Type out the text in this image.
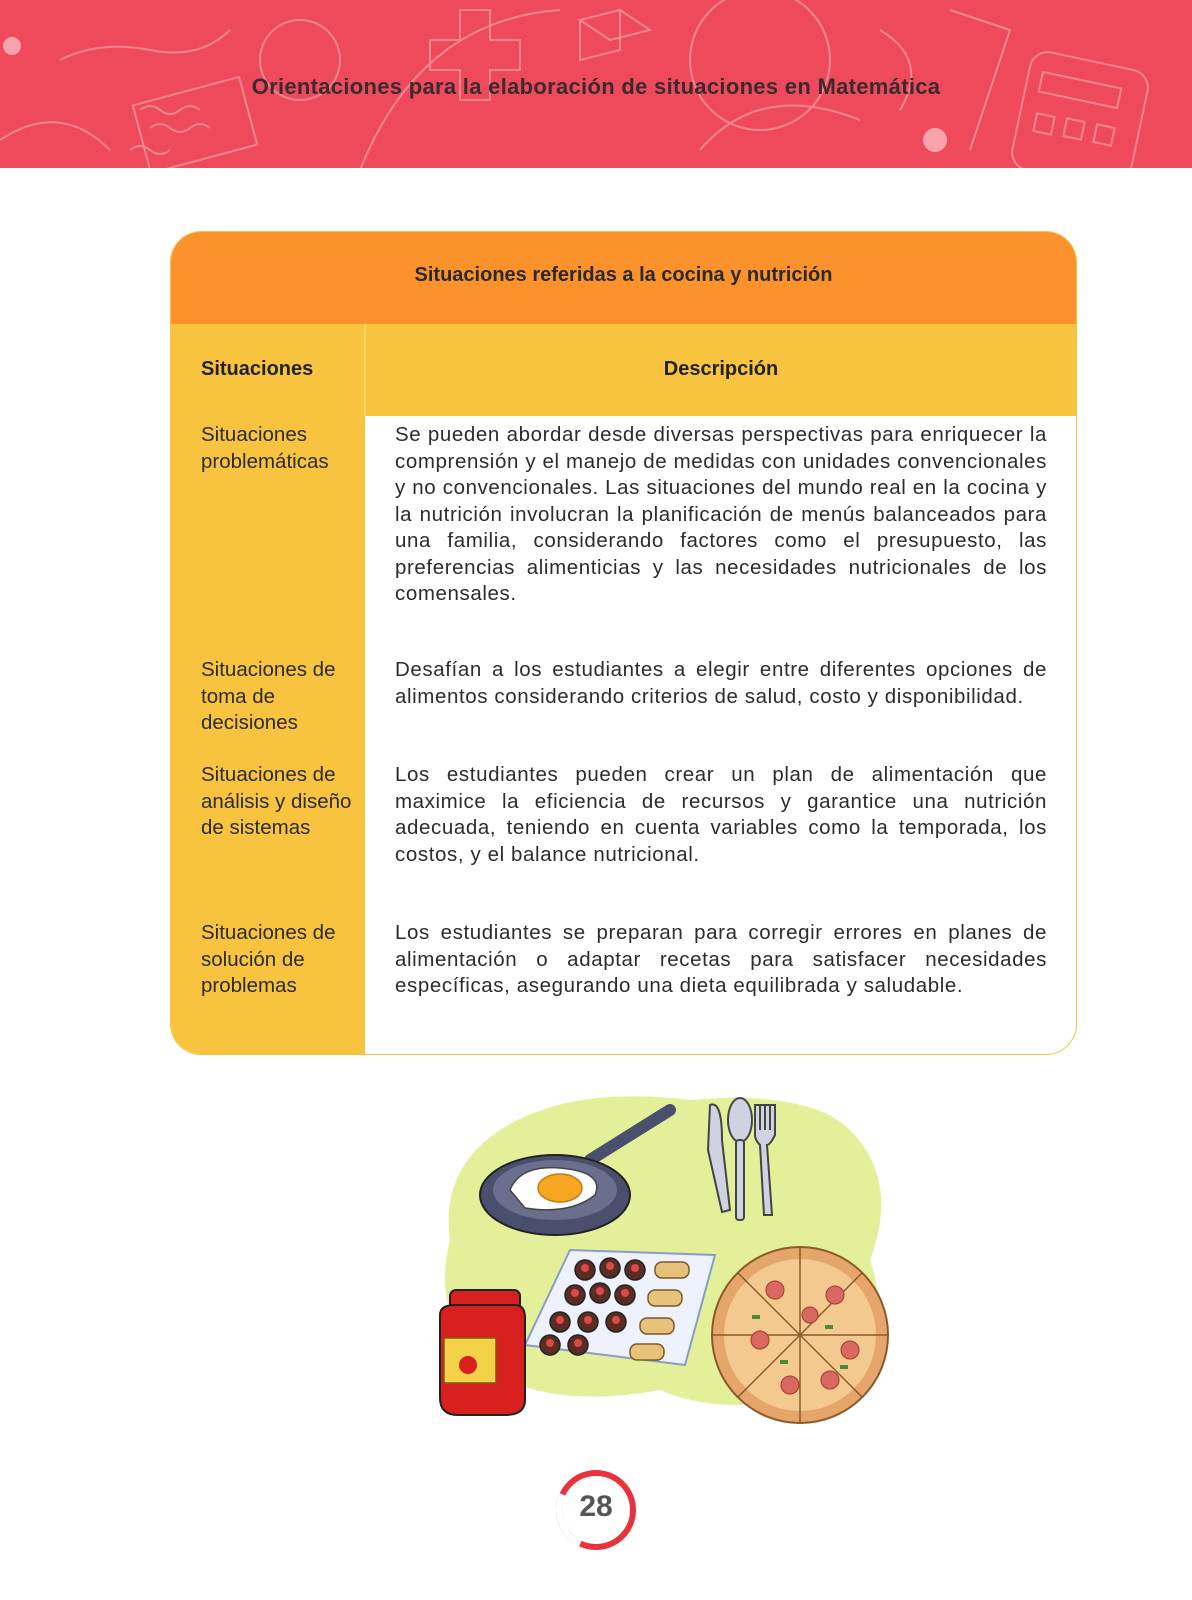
Orientaciones para la elaboración de situaciones en Matemática
Situaciones referidas a la cocina y nutrición
Situaciones	Descripción
Situaciones problemáticas
Se pueden abordar desde diversas perspectivas para enriquecer la comprensión y el manejo de medidas con unidades convencionales y no convencionales. Las situaciones del mundo real en la cocina y la nutrición involucran la planificación de menús balanceados para una familia, considerando factores como el presupuesto, las preferencias alimenticias y las necesidades nutricionales de los comensales.
Situaciones de toma de decisiones
Desafían a los estudiantes a elegir entre diferentes opciones de alimentos considerando criterios de salud, costo y disponibilidad.
Situaciones de análisis y diseño de sistemas
Los estudiantes pueden crear un plan de alimentación que maximice la eficiencia de recursos y garantice una nutrición adecuada, teniendo en cuenta variables como la temporada, los costos, y el balance nutricional.
Situaciones de solución de problemas
Los estudiantes se preparan para corregir errores en planes de alimentación o adaptar recetas para satisfacer necesidades específicas, asegurando una dieta equilibrada y saludable.
28
